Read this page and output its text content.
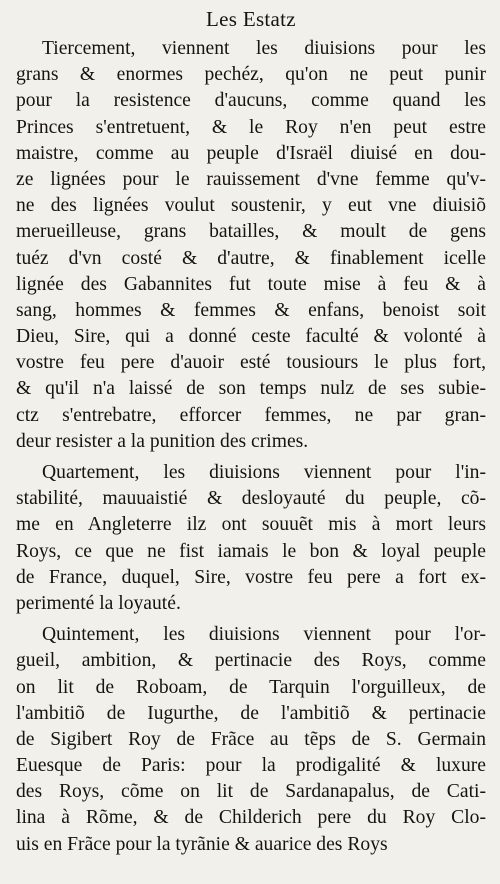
Les Estatz
Tiercement, viennent les diuisions pour les
grans & enormes pechéz, qu'on ne peut punir
pour la resistence d'aucuns, comme quand les
Princes s'entretuent, & le Roy n'en peut estre
maistre, comme au peuple d'Israël diuisé en dou-
ze lignées pour le rauissement d'vne femme qu'v-
ne des lignées voulut soustenir, y eut vne diuisiõ
merueilleuse, grans batailles, & moult de gens
tuéz d'vn costé & d'autre, & finablement icelle
lignée des Gabannites fut toute mise à feu & à
sang, hommes & femmes & enfans, benoist soit
Dieu, Sire, qui a donné ceste faculté & volonté à
vostre feu pere d'auoir esté tousiours le plus fort,
& qu'il n'a laissé de son temps nulz de ses subie-
ctz s'entrebatre, efforcer femmes, ne par gran-
deur resister a la punition des crimes.
Quartement, les diuisions viennent pour l'in-
stabilité, mauuaistié & desloyauté du peuple, cõ-
me en Angleterre ilz ont souuẽt mis à mort leurs
Roys, ce que ne fist iamais le bon & loyal peuple
de France, duquel, Sire, vostre feu pere a fort ex-
perimenté la loyauté.
Quintement, les diuisions viennent pour l'or-
gueil, ambition, & pertinacie des Roys, comme
on lit de Roboam, de Tarquin l'orguilleux, de
l'ambitiõ de Iugurthe, de l'ambitiõ & pertinacie
de Sigibert Roy de Frãce au tẽps de S. Germain
Euesque de Paris: pour la prodigalité & luxure
des Roys, cõme on lit de Sardanapalus, de Cati-
lina à Rõme, & de Childerich pere du Roy Clo-
uis en Frãce pour la tyrãnie & auarice des Roys
